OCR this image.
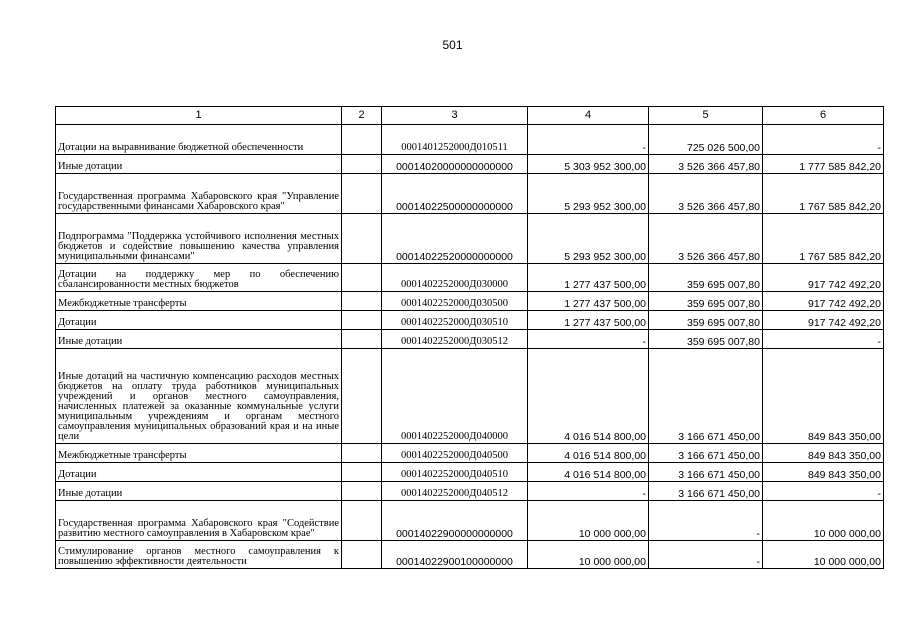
501
1	2	3	4	5	6
Дотации на выравнивание бюджетной обеспеченности		0001401252000Д010511	-	725 026 500,00	-
Иные дотации		00014020000000000000	5 303 952 300,00	3 526 366 457,80	1 777 585 842,20
Государственная программа Хабаровского края "Управление государственными финансами Хабаровского края"		00014022500000000000	5 293 952 300,00	3 526 366 457,80	1 767 585 842,20
Подпрограмма "Поддержка устойчивого исполнения местных бюджетов и содействие повышению качества управления муниципальными финансами"		00014022520000000000	5 293 952 300,00	3 526 366 457,80	1 767 585 842,20
Дотации на поддержку мер по обеспечению сбалансированности местных бюджетов		0001402252000Д030000	1 277 437 500,00	359 695 007,80	917 742 492,20
Межбюджетные трансферты		0001402252000Д030500	1 277 437 500,00	359 695 007,80	917 742 492,20
Дотации		0001402252000Д030510	1 277 437 500,00	359 695 007,80	917 742 492,20
Иные дотации		0001402252000Д030512	-	359 695 007,80	-
Иные дотаций на частичную компенсацию расходов местных бюджетов на оплату труда работников муниципальных учреждений и органов местного самоуправления, начисленных платежей за оказанные коммунальные услуги муниципальным учреждениям и органам местного самоуправления муниципальных образований края и на иные цели		0001402252000Д040000	4 016 514 800,00	3 166 671 450,00	849 843 350,00
Межбюджетные трансферты		0001402252000Д040500	4 016 514 800,00	3 166 671 450,00	849 843 350,00
Дотации		0001402252000Д040510	4 016 514 800,00	3 166 671 450,00	849 843 350,00
Иные дотации		0001402252000Д040512	-	3 166 671 450,00	-
Государственная программа Хабаровского края "Содействие развитию местного самоуправления в Хабаровском крае"		00014022900000000000	10 000 000,00	-	10 000 000,00
Стимулирование органов местного самоуправления к повышению эффективности деятельности		00014022900100000000	10 000 000,00	-	10 000 000,00
